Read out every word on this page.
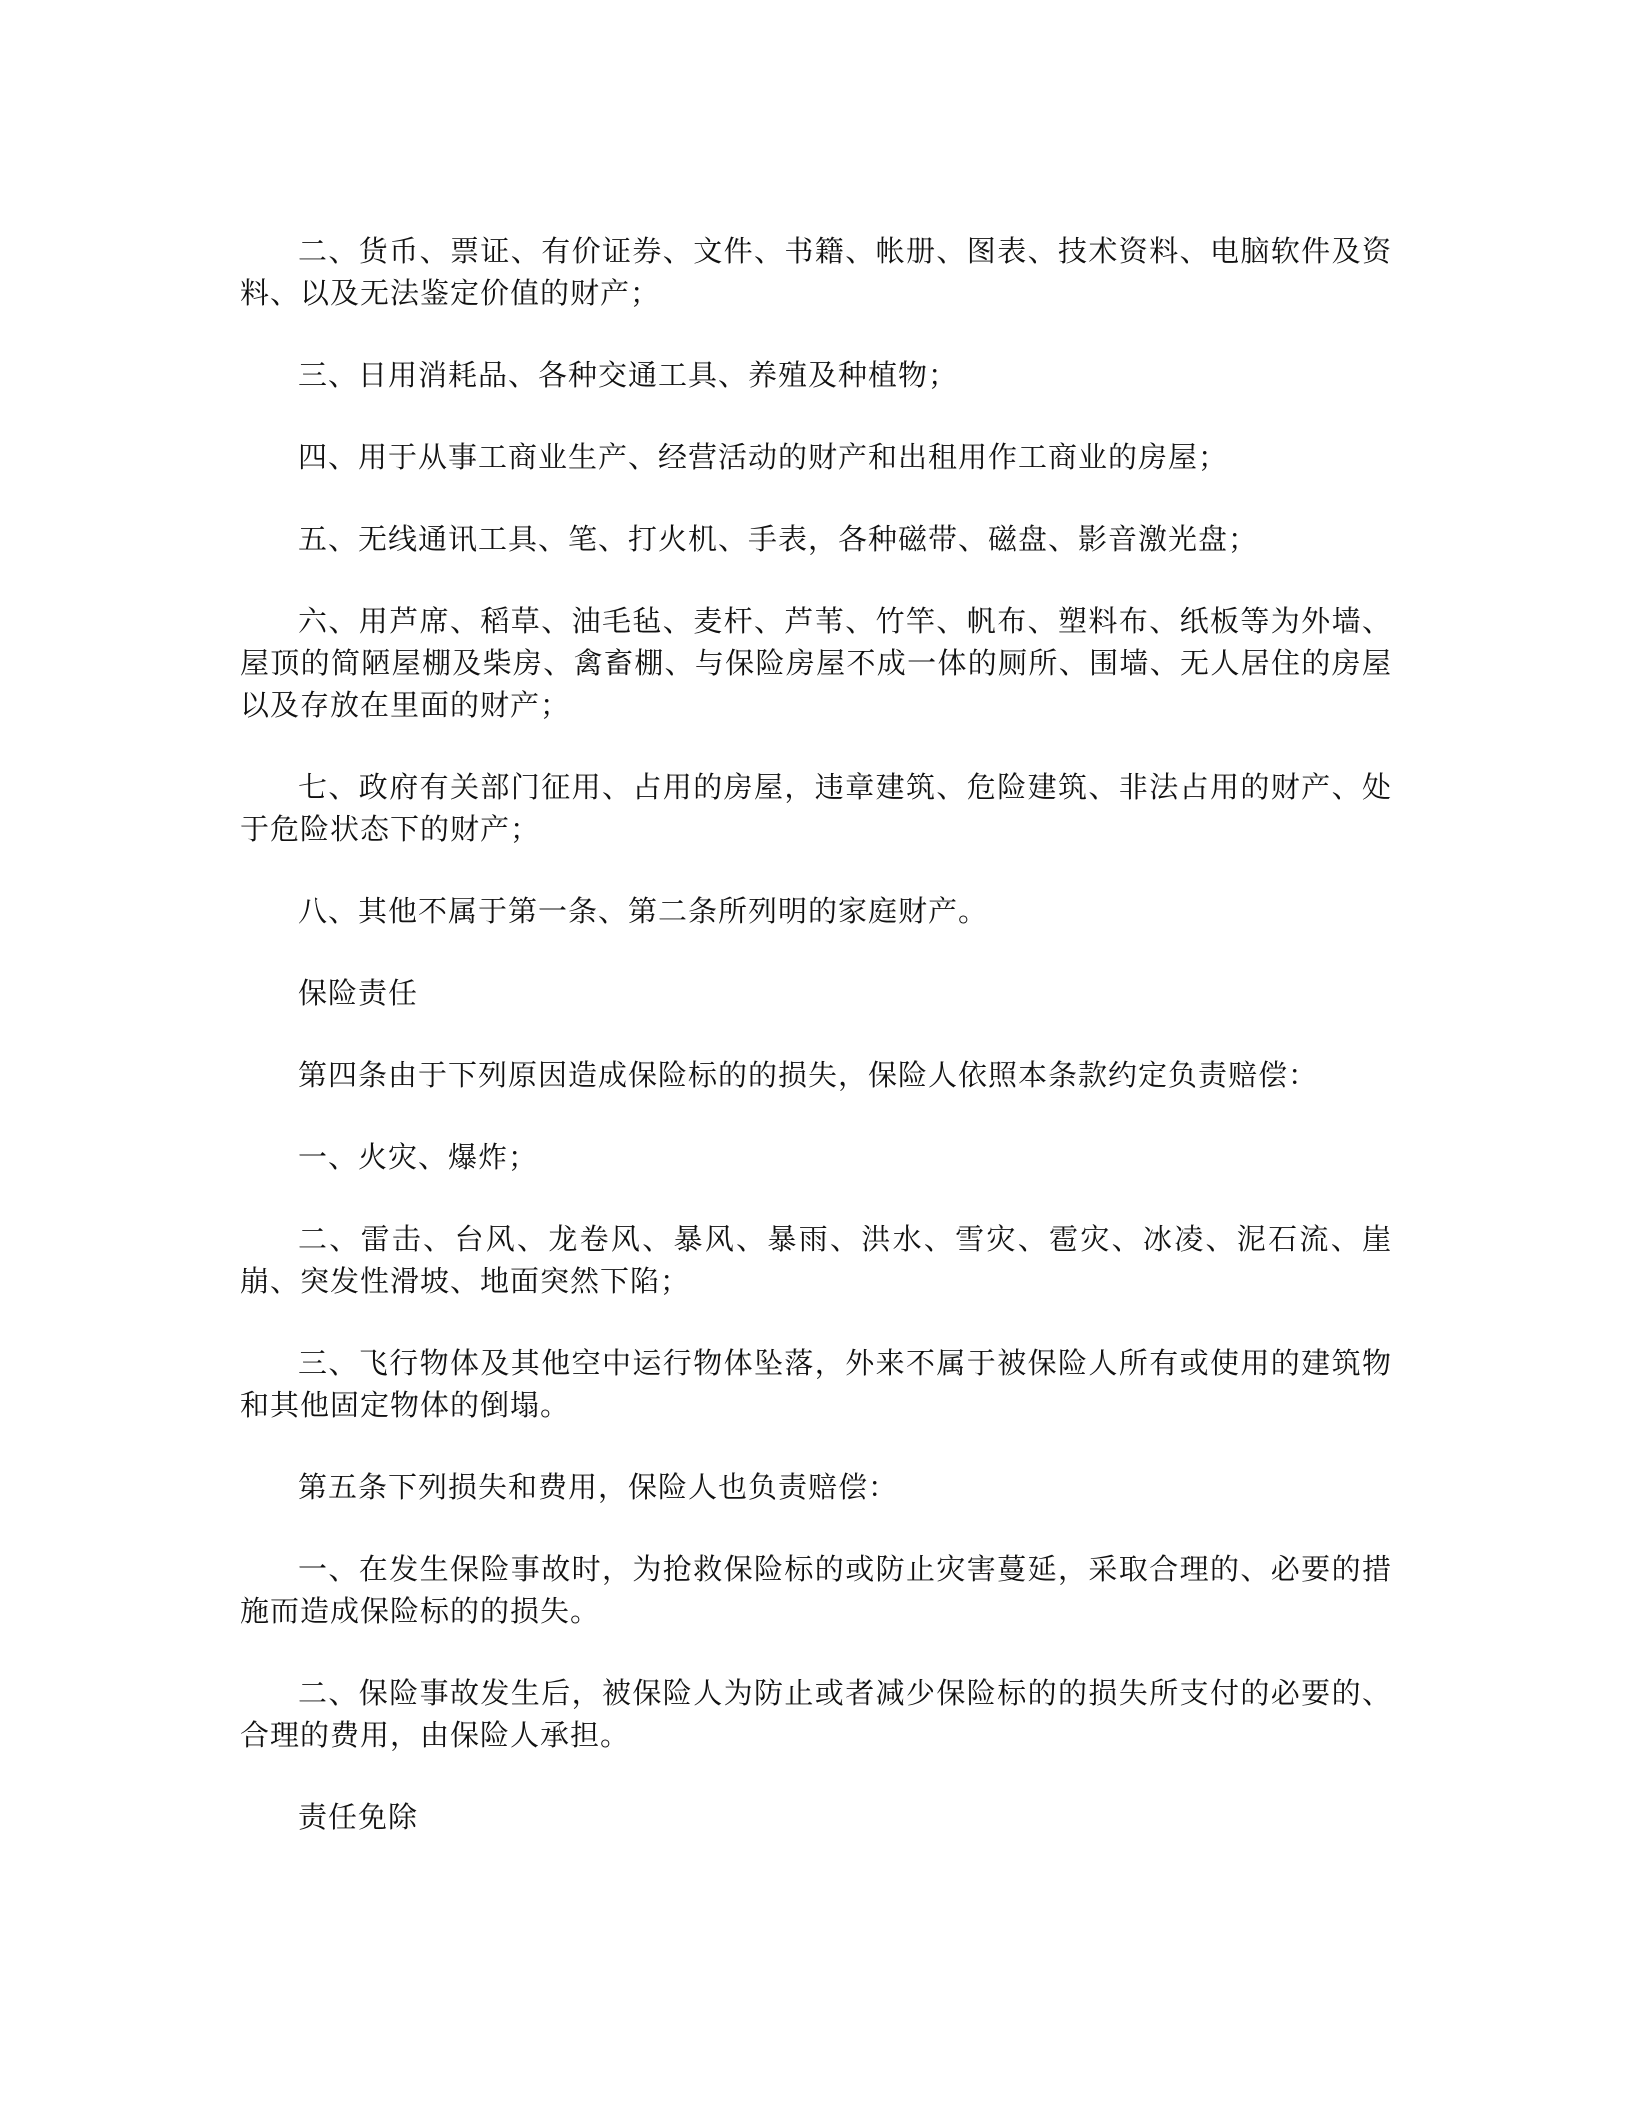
二、货币、票证、有价证券、文件、书籍、帐册、图表、技术资料、电脑软件及资料、以及无法鉴定价值的财产；

三、日用消耗品、各种交通工具、养殖及种植物；

四、用于从事工商业生产、经营活动的财产和出租用作工商业的房屋；

五、无线通讯工具、笔、打火机、手表，各种磁带、磁盘、影音激光盘；

六、用芦席、稻草、油毛毡、麦杆、芦苇、竹竿、帆布、塑料布、纸板等为外墙、屋顶的简陋屋棚及柴房、禽畜棚、与保险房屋不成一体的厕所、围墙、无人居住的房屋以及存放在里面的财产；

七、政府有关部门征用、占用的房屋，违章建筑、危险建筑、非法占用的财产、处于危险状态下的财产；

八、其他不属于第一条、第二条所列明的家庭财产。

保险责任

第四条由于下列原因造成保险标的的损失，保险人依照本条款约定负责赔偿：

一、火灾、爆炸；

二、雷击、台风、龙卷风、暴风、暴雨、洪水、雪灾、雹灾、冰凌、泥石流、崖崩、突发性滑坡、地面突然下陷；

三、飞行物体及其他空中运行物体坠落，外来不属于被保险人所有或使用的建筑物和其他固定物体的倒塌。

第五条下列损失和费用，保险人也负责赔偿：

一、在发生保险事故时，为抢救保险标的或防止灾害蔓延，采取合理的、必要的措施而造成保险标的的损失。

二、保险事故发生后，被保险人为防止或者减少保险标的的损失所支付的必要的、合理的费用，由保险人承担。

责任免除
